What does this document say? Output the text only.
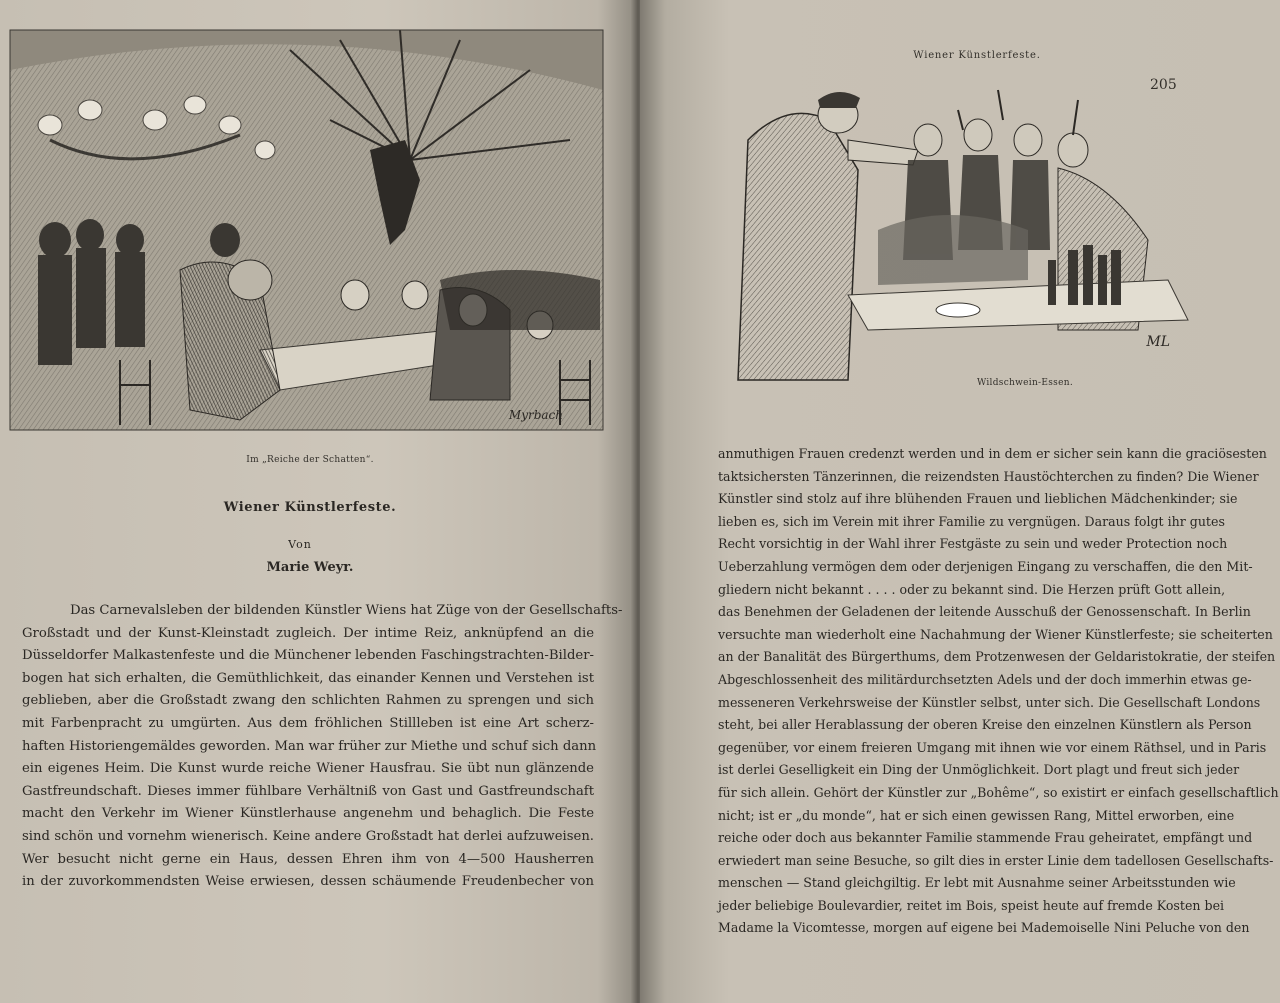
Myrbach
Im „Reiche der Schatten“.
Wiener Künstlerfeste.
Von
Marie Weyr.
Das Carnevalsleben der bildenden Künstler Wiens hat Züge von der Gesellschafts-
Großstadt und der Kunst-Kleinstadt zugleich. Der intime Reiz, anknüpfend an die
Düsseldorfer Malkastenfeste und die Münchener lebenden Faschingstrachten-Bilder-
bogen hat sich erhalten, die Gemüthlichkeit, das einander Kennen und Verstehen ist
geblieben, aber die Großstadt zwang den schlichten Rahmen zu sprengen und sich
mit Farbenpracht zu umgürten. Aus dem fröhlichen Stillleben ist eine Art scherz-
haften Historiengemäldes geworden. Man war früher zur Miethe und schuf sich dann
ein eigenes Heim. Die Kunst wurde reiche Wiener Hausfrau. Sie übt nun glänzende
Gastfreundschaft. Dieses immer fühlbare Verhältniß von Gast und Gastfreundschaft
macht den Verkehr im Wiener Künstlerhause angenehm und behaglich. Die Feste
sind schön und vornehm wienerisch. Keine andere Großstadt hat derlei aufzuweisen.
Wer besucht nicht gerne ein Haus, dessen Ehren ihm von 4—500 Hausherren
in der zuvorkommendsten Weise erwiesen, dessen schäumende Freudenbecher von
Wiener Künstlerfeste.
205
ML
Wildschwein-Essen.
anmuthigen Frauen credenzt werden und in dem er sicher sein kann die graciösesten
taktsichersten Tänzerinnen, die reizendsten Haustöchterchen zu finden? Die Wiener
Künstler sind stolz auf ihre blühenden Frauen und lieblichen Mädchenkinder; sie
lieben es, sich im Verein mit ihrer Familie zu vergnügen. Daraus folgt ihr gutes
Recht vorsichtig in der Wahl ihrer Festgäste zu sein und weder Protection noch
Ueberzahlung vermögen dem oder derjenigen Eingang zu verschaffen, die den Mit-
gliedern nicht bekannt . . . . oder zu bekannt sind. Die Herzen prüft Gott allein,
das Benehmen der Geladenen der leitende Ausschuß der Genossenschaft. In Berlin
versuchte man wiederholt eine Nachahmung der Wiener Künstlerfeste; sie scheiterten
an der Banalität des Bürgerthums, dem Protzenwesen der Geldaristokratie, der steifen
Abgeschlossenheit des militärdurchsetzten Adels und der doch immerhin etwas ge-
messeneren Verkehrsweise der Künstler selbst, unter sich. Die Gesellschaft Londons
steht, bei aller Herablassung der oberen Kreise den einzelnen Künstlern als Person
gegenüber, vor einem freieren Umgang mit ihnen wie vor einem Räthsel, und in Paris
ist derlei Geselligkeit ein Ding der Unmöglichkeit. Dort plagt und freut sich jeder
für sich allein. Gehört der Künstler zur „Bohême“, so existirt er einfach gesellschaftlich
nicht; ist er „du monde“, hat er sich einen gewissen Rang, Mittel erworben, eine
reiche oder doch aus bekannter Familie stammende Frau geheiratet, empfängt und
erwiedert man seine Besuche, so gilt dies in erster Linie dem tadellosen Gesellschafts-
menschen — Stand gleichgiltig. Er lebt mit Ausnahme seiner Arbeitsstunden wie
jeder beliebige Boulevardier, reitet im Bois, speist heute auf fremde Kosten bei
Madame la Vicomtesse, morgen auf eigene bei Mademoiselle Nini Peluche von den
